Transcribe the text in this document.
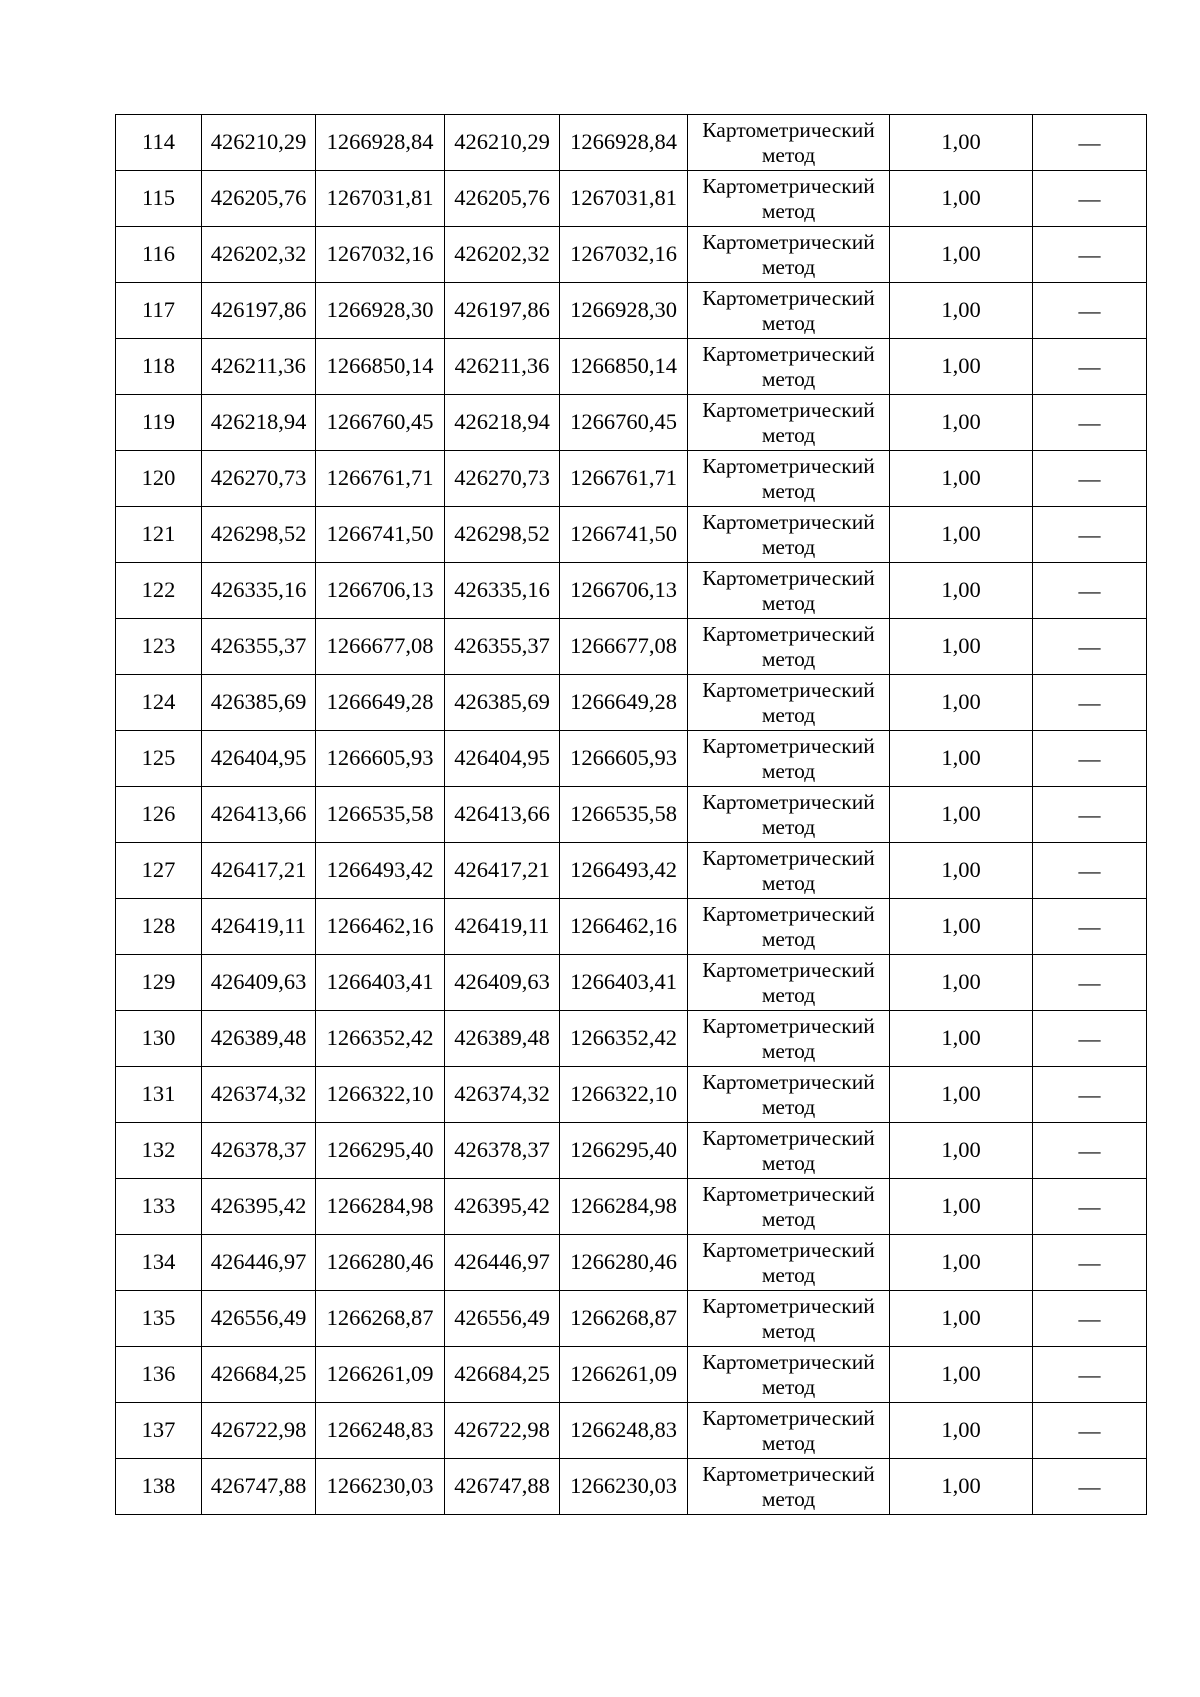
114	426210,29	1266928,84	426210,29	1266928,84	Картометрический
метод	1,00	—
115	426205,76	1267031,81	426205,76	1267031,81	Картометрический
метод	1,00	—
116	426202,32	1267032,16	426202,32	1267032,16	Картометрический
метод	1,00	—
117	426197,86	1266928,30	426197,86	1266928,30	Картометрический
метод	1,00	—
118	426211,36	1266850,14	426211,36	1266850,14	Картометрический
метод	1,00	—
119	426218,94	1266760,45	426218,94	1266760,45	Картометрический
метод	1,00	—
120	426270,73	1266761,71	426270,73	1266761,71	Картометрический
метод	1,00	—
121	426298,52	1266741,50	426298,52	1266741,50	Картометрический
метод	1,00	—
122	426335,16	1266706,13	426335,16	1266706,13	Картометрический
метод	1,00	—
123	426355,37	1266677,08	426355,37	1266677,08	Картометрический
метод	1,00	—
124	426385,69	1266649,28	426385,69	1266649,28	Картометрический
метод	1,00	—
125	426404,95	1266605,93	426404,95	1266605,93	Картометрический
метод	1,00	—
126	426413,66	1266535,58	426413,66	1266535,58	Картометрический
метод	1,00	—
127	426417,21	1266493,42	426417,21	1266493,42	Картометрический
метод	1,00	—
128	426419,11	1266462,16	426419,11	1266462,16	Картометрический
метод	1,00	—
129	426409,63	1266403,41	426409,63	1266403,41	Картометрический
метод	1,00	—
130	426389,48	1266352,42	426389,48	1266352,42	Картометрический
метод	1,00	—
131	426374,32	1266322,10	426374,32	1266322,10	Картометрический
метод	1,00	—
132	426378,37	1266295,40	426378,37	1266295,40	Картометрический
метод	1,00	—
133	426395,42	1266284,98	426395,42	1266284,98	Картометрический
метод	1,00	—
134	426446,97	1266280,46	426446,97	1266280,46	Картометрический
метод	1,00	—
135	426556,49	1266268,87	426556,49	1266268,87	Картометрический
метод	1,00	—
136	426684,25	1266261,09	426684,25	1266261,09	Картометрический
метод	1,00	—
137	426722,98	1266248,83	426722,98	1266248,83	Картометрический
метод	1,00	—
138	426747,88	1266230,03	426747,88	1266230,03	Картометрический
метод	1,00	—
